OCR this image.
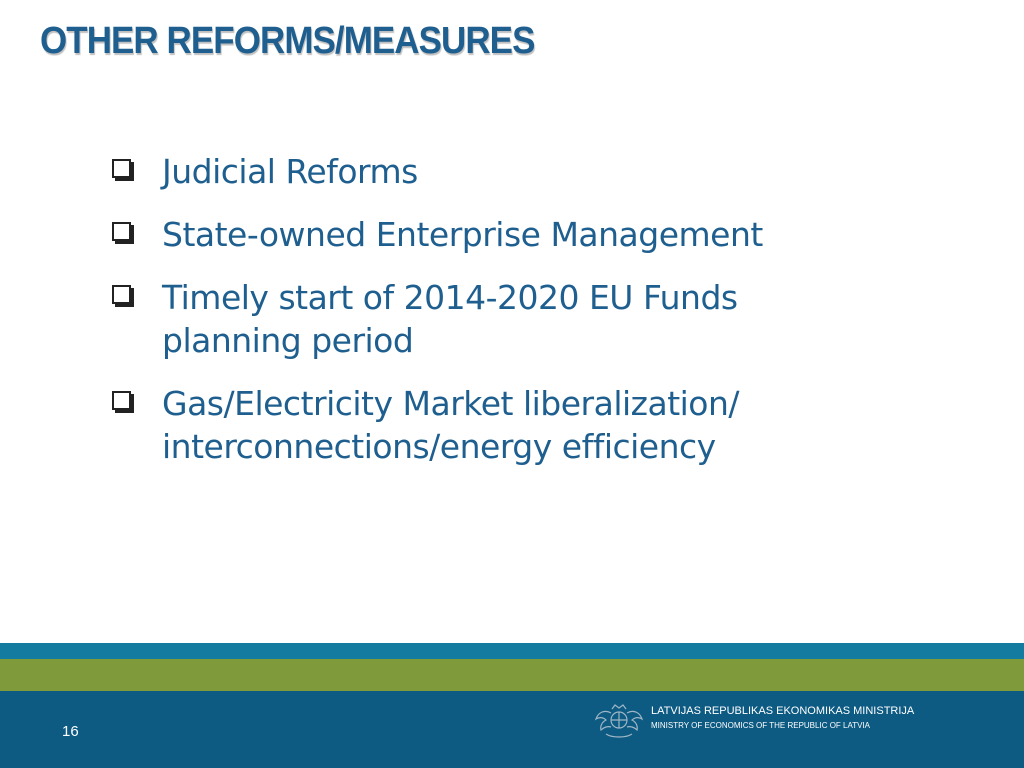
OTHER REFORMS/MEASURES
Judicial Reforms
State-owned Enterprise Management
Timely start of 2014-2020 EU Funds
planning period
Gas/Electricity Market liberalization/
interconnections/energy efficiency
16
LATVIJAS REPUBLIKAS EKONOMIKAS MINISTRIJA
MINISTRY OF ECONOMICS OF THE REPUBLIC OF LATVIA
